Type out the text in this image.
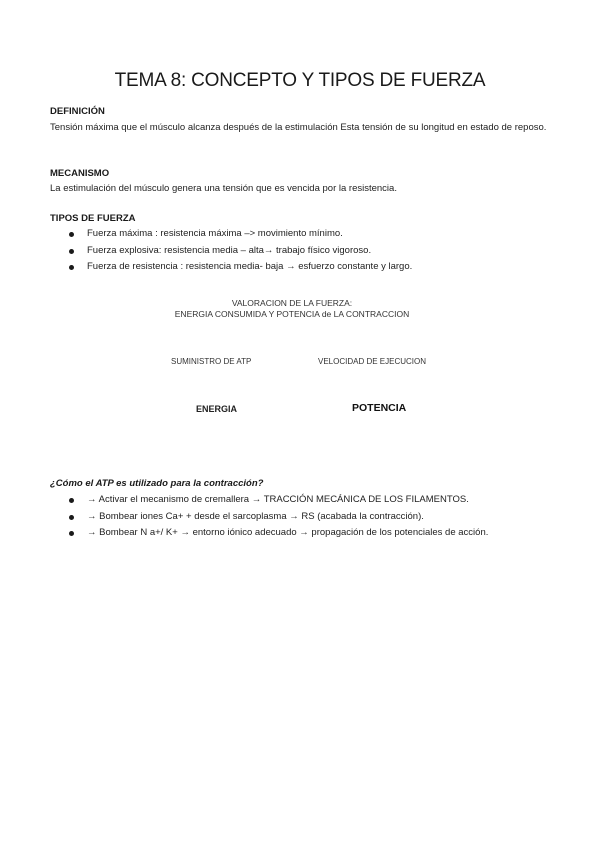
TEMA 8: CONCEPTO Y TIPOS DE FUERZA
DEFINICIÓN
Tensión máxima que el músculo alcanza después de la estimulación Esta tensión de su longitud en estado de reposo.
MECANISMO
La estimulación del músculo genera una tensión que es vencida por la resistencia.
TIPOS DE FUERZA
Fuerza máxima : resistencia máxima –> movimiento mínimo.
Fuerza explosiva: resistencia media – alta→ trabajo físico vigoroso.
Fuerza de resistencia : resistencia media- baja → esfuerzo constante y largo.
VALORACION DE LA FUERZA:
ENERGIA CONSUMIDA Y POTENCIA de LA CONTRACCION
SUMINISTRO DE ATP	VELOCIDAD DE EJECUCION
ENERGIA	POTENCIA
¿Cómo el ATP es utilizado para la contracción?
→ Activar el mecanismo de cremallera → TRACCIÓN MECÁNICA DE LOS FILAMENTOS.
→ Bombear iones Ca+ + desde el sarcoplasma → RS (acabada la contracción).
→ Bombear N a+/ K+ → entorno iónico adecuado → propagación de los potenciales de acción.
